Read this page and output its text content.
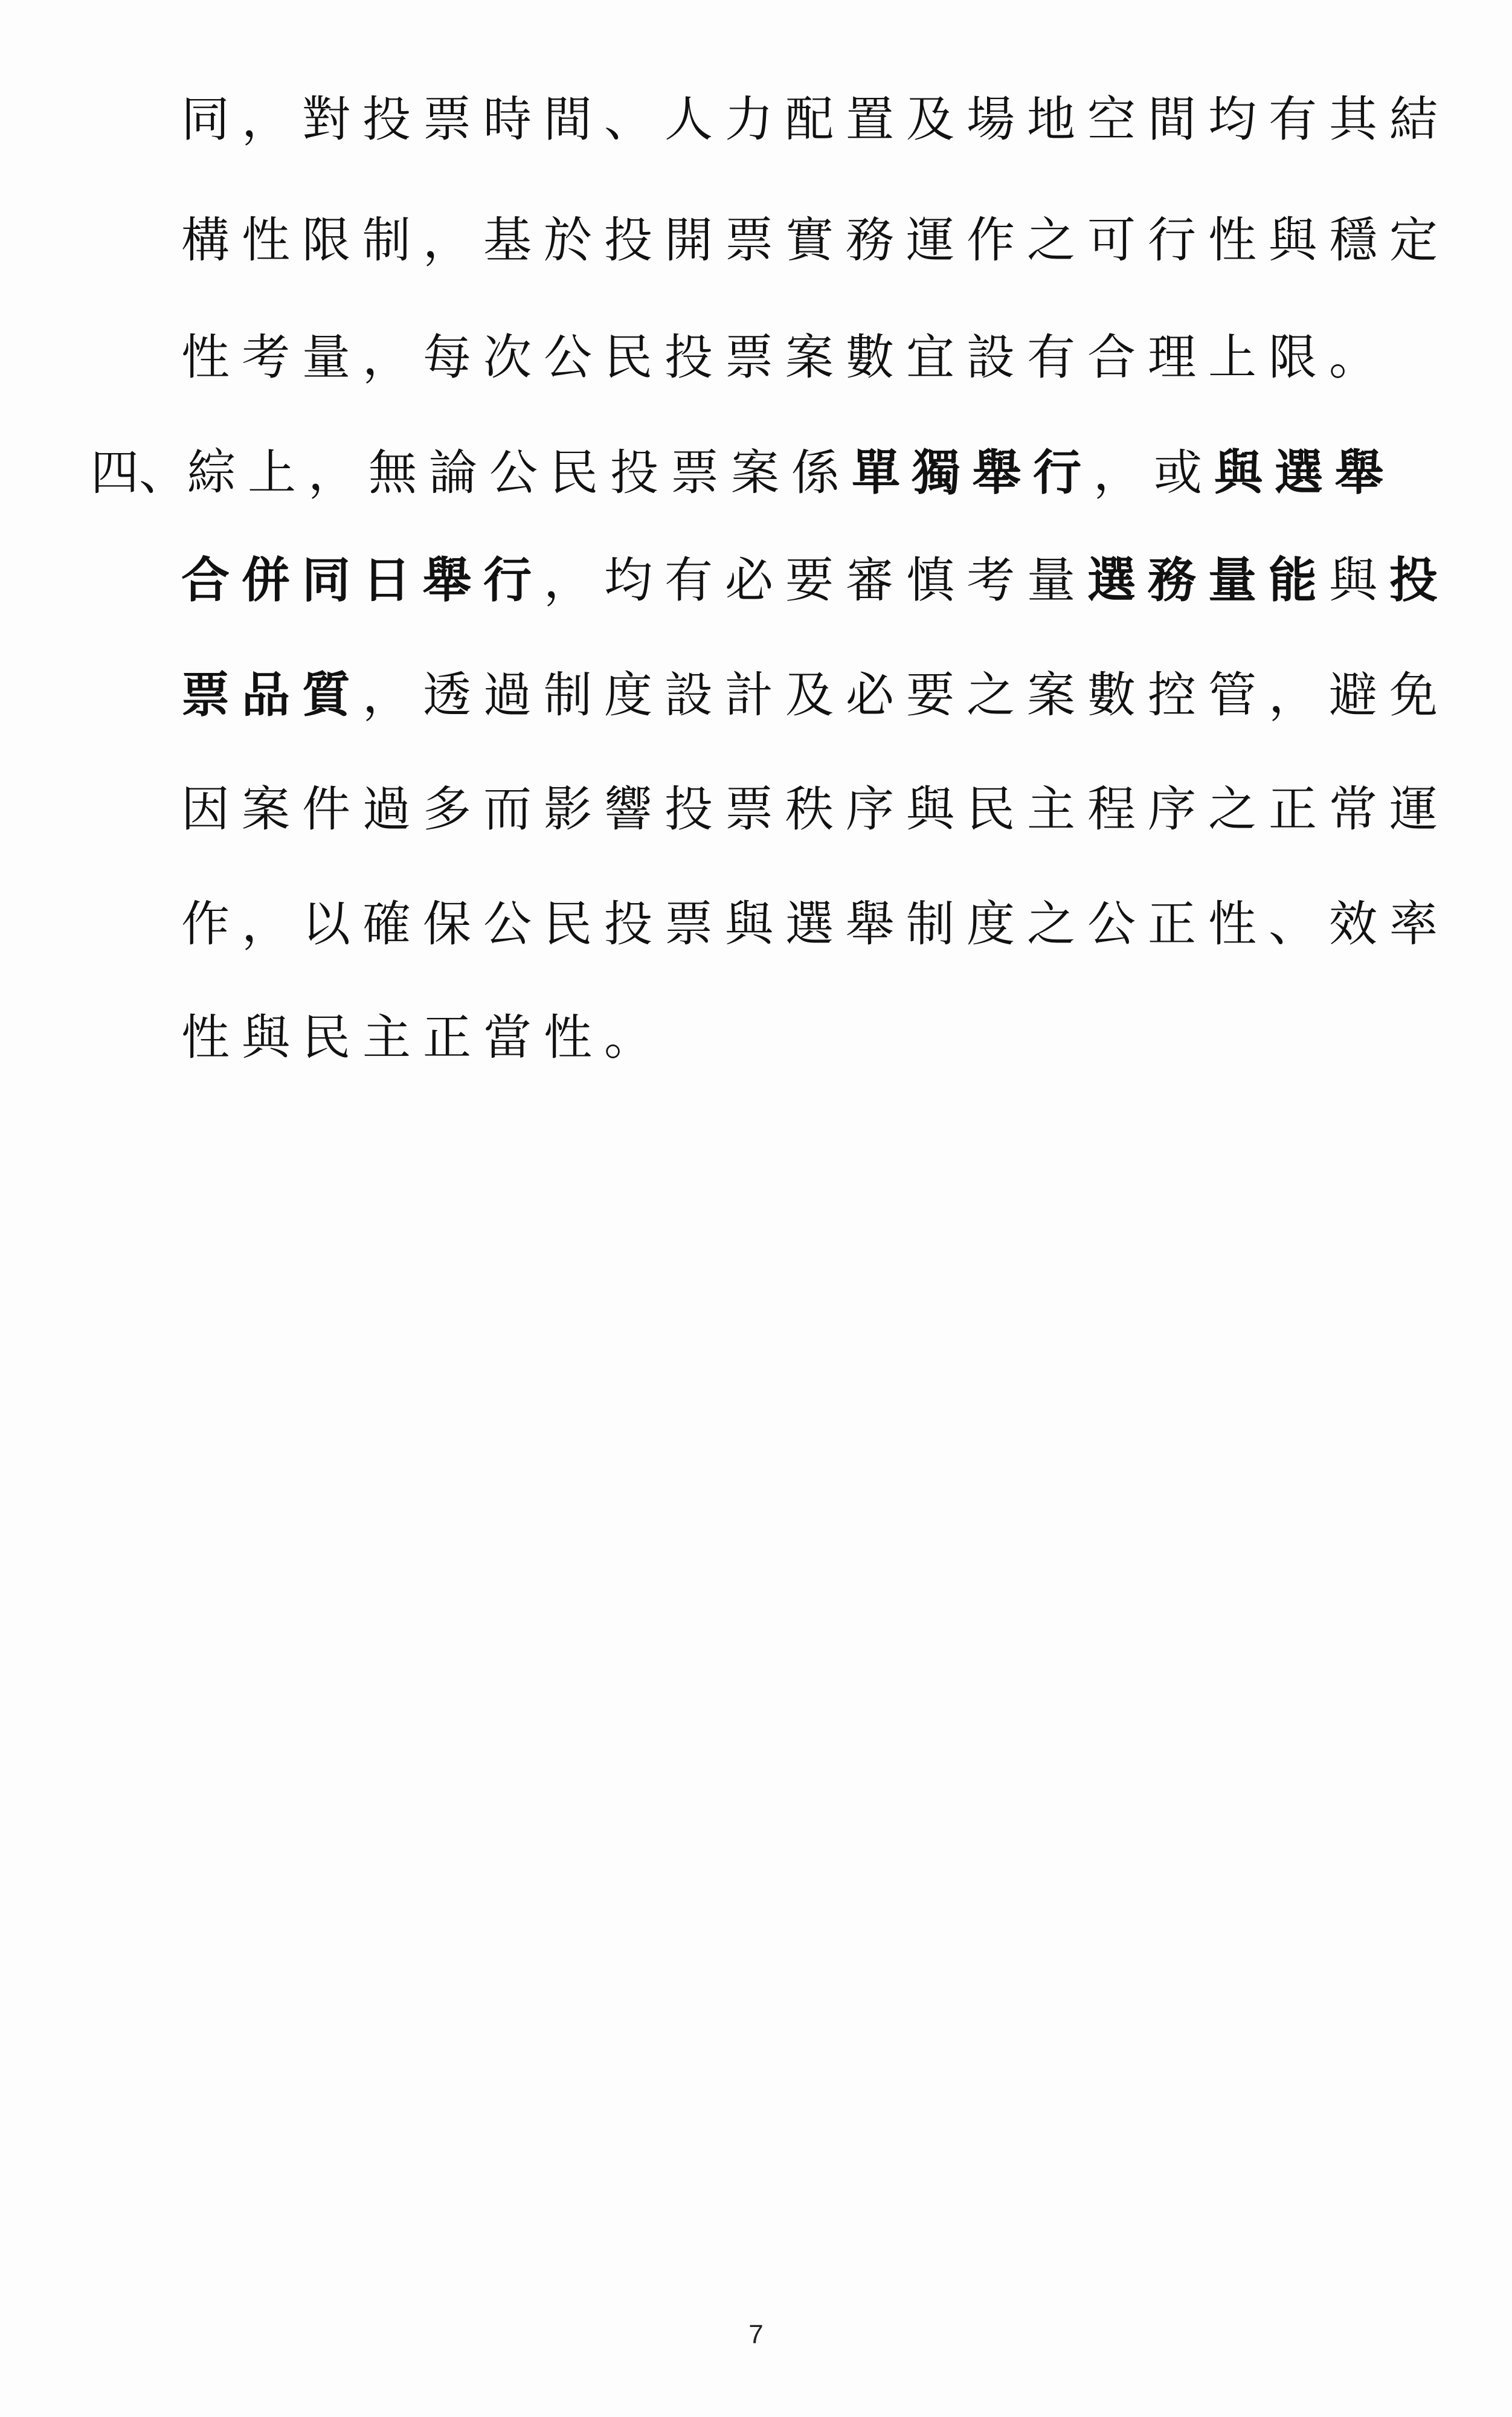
同，對投票時間、人力配置及場地空間均有其結
構性限制，基於投開票實務運作之可行性與穩定
性考量，每次公民投票案數宜設有合理上限。
四、綜上，無論公民投票案係單獨舉行，或與選舉
合併同日舉行，均有必要審慎考量選務量能與投
票品質，透過制度設計及必要之案數控管，避免
因案件過多而影響投票秩序與民主程序之正常運
作，以確保公民投票與選舉制度之公正性、效率
性與民主正當性。
7
